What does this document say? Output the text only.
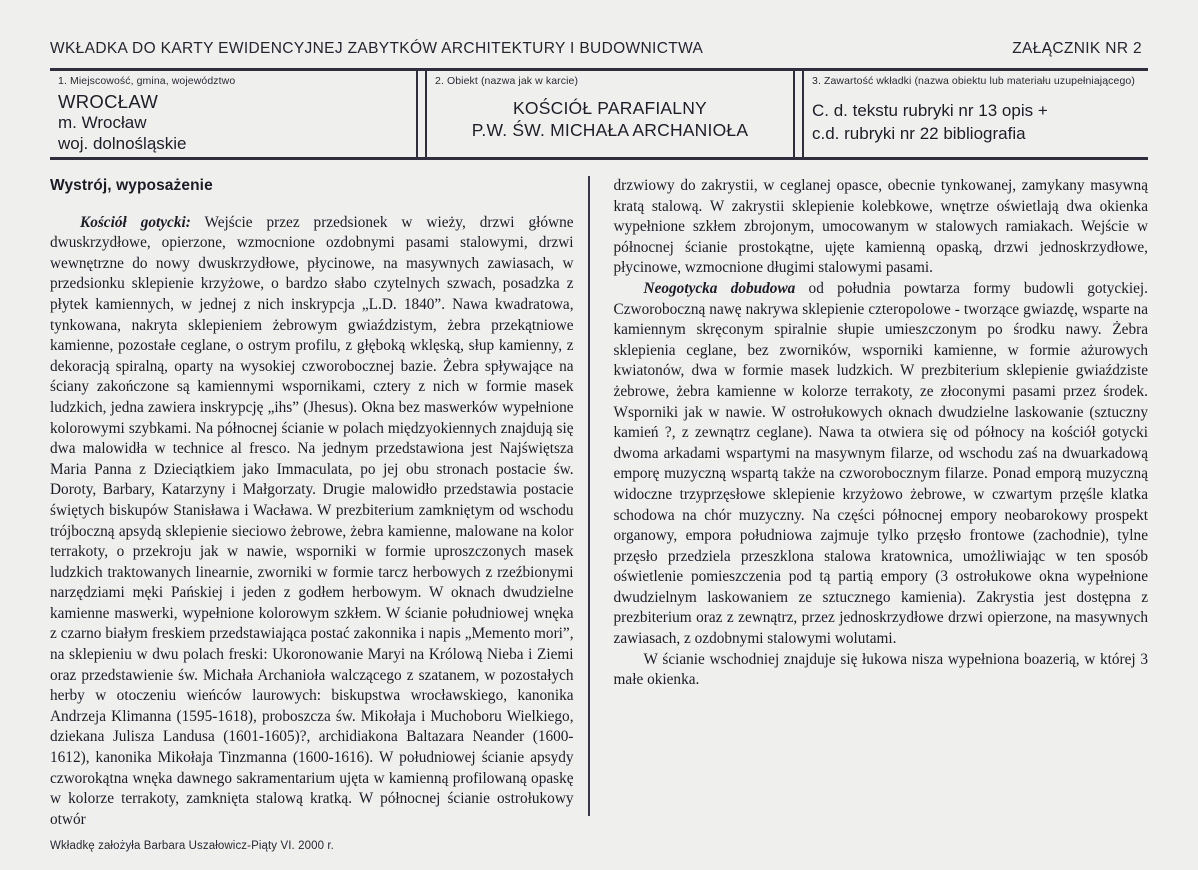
WKŁADKA DO KARTY EWIDENCYJNEJ ZABYTKÓW ARCHITEKTURY I BUDOWNICTWA	ZAŁĄCZNIK NR 2
1. Miejscowość, gmina, województwo
WROCŁAW
m. Wrocław
woj. dolnośląskie
2. Obiekt (nazwa jak w karcie)
KOŚCIÓŁ PARAFIALNY
P.W. ŚW. MICHAŁA ARCHANIOŁA
3. Zawartość wkładki (nazwa obiektu lub materiału uzupełniającego)
C. d. tekstu rubryki nr 13 opis +
c.d. rubryki nr 22 bibliografia
Wystrój, wyposażenie

Kościół gotycki: Wejście przez przedsionek w wieży, drzwi główne dwuskrzydłowe, opierzone, wzmocnione ozdobnymi pasami stalowymi, drzwi wewnętrzne do nowy dwuskrzydłowe, płycinowe, na masywnych zawiasach, w przedsionku sklepienie krzyżowe, o bardzo słabo czytelnych szwach, posadzka z płytek kamiennych, w jednej z nich inskrypcja „L.D. 1840”. Nawa kwadratowa, tynkowana, nakryta sklepieniem żebrowym gwiaździstym, żebra przekątniowe kamienne, pozostałe ceglane, o ostrym profilu, z głęboką wklęską, słup kamienny, z dekoracją spiralną, oparty na wysokiej czworobocznej bazie. Żebra spływające na ściany zakończone są kamiennymi wspornikami, cztery z nich w formie masek ludzkich, jedna zawiera inskrypcję „ihs” (Jhesus). Okna bez maswerków wypełnione kolorowymi szybkami. Na północnej ścianie w polach międzyokiennych znajdują się dwa malowidła w technice al fresco. Na jednym przedstawiona jest Najświętsza Maria Panna z Dzieciątkiem jako Immaculata, po jej obu stronach postacie św. Doroty, Barbary, Katarzyny i Małgorzaty. Drugie malowidło przedstawia postacie świętych biskupów Stanisława i Wacława. W prezbiterium zamkniętym od wschodu trójboczną apsydą sklepienie sieciowo żebrowe, żebra kamienne, malowane na kolor terrakoty, o przekroju jak w nawie, wsporniki w formie uproszczonych masek ludzkich traktowanych linearnie, zworniki w formie tarcz herbowych z rzeźbionymi narzędziami męki Pańskiej i jeden z godłem herbowym. W oknach dwudzielne kamienne maswerki, wypełnione kolorowym szkłem. W ścianie południowej wnęka z czarno białym freskiem przedstawiająca postać zakonnika i napis „Memento mori”, na sklepieniu w dwu polach freski: Ukoronowanie Maryi na Królową Nieba i Ziemi oraz przedstawienie św. Michała Archanioła walczącego z szatanem, w pozostałych herby w otoczeniu wieńców laurowych: biskupstwa wrocławskiego, kanonika Andrzeja Klimanna (1595-1618), proboszcza św. Mikołaja i Muchoboru Wielkiego, dziekana Julisza Landusa (1601-1605)?, archidiakona Baltazara Neander (1600-1612), kanonika Mikołaja Tinzmanna (1600-1616). W południowej ścianie apsydy czworokątna wnęka dawnego sakramentarium ujęta w kamienną profilowaną opaskę w kolorze terrakoty, zamknięta stalową kratką. W północnej ścianie ostrołukowy otwór

drzwiowy do zakrystii, w ceglanej opasce, obecnie tynkowanej, zamykany masywną kratą stalową. W zakrystii sklepienie kolebkowe, wnętrze oświetlają dwa okienka wypełnione szkłem zbrojonym, umocowanym w stalowych ramiakach. Wejście w północnej ścianie prostokątne, ujęte kamienną opaską, drzwi jednoskrzydłowe, płycinowe, wzmocnione długimi stalowymi pasami.

Neogotycka dobudowa od południa powtarza formy budowli gotyckiej. Czworoboczną nawę nakrywa sklepienie czteropolowe - tworzące gwiazdę, wsparte na kamiennym skręconym spiralnie słupie umieszczonym po środku nawy. Żebra sklepienia ceglane, bez zworników, wsporniki kamienne, w formie ażurowych kwiatonów, dwa w formie masek ludzkich. W prezbiterium sklepienie gwiaździste żebrowe, żebra kamienne w kolorze terrakoty, ze złoconymi pasami przez środek. Wsporniki jak w nawie. W ostrołukowych oknach dwudzielne laskowanie (sztuczny kamień ?, z zewnątrz ceglane). Nawa ta otwiera się od północy na kościół gotycki dwoma arkadami wspartymi na masywnym filarze, od wschodu zaś na dwuarkadową emporę muzyczną wspartą także na czworobocznym filarze. Ponad emporą muzyczną widoczne trzyprzęsłowe sklepienie krzyżowo żebrowe, w czwartym przęśle klatka schodowa na chór muzyczny. Na części północnej empory neobarokowy prospekt organowy, empora południowa zajmuje tylko przęsło frontowe (zachodnie), tylne przęsło przedziela przeszklona stalowa kratownica, umożliwiając w ten sposób oświetlenie pomieszczenia pod tą partią empory (3 ostrołukowe okna wypełnione dwudzielnym laskowaniem ze sztucznego kamienia). Zakrystia jest dostępna z prezbiterium oraz z zewnątrz, przez jednoskrzydłowe drzwi opierzone, na masywnych zawiasach, z ozdobnymi stalowymi wolutami.

W ścianie wschodniej znajduje się łukowa nisza wypełniona boazerią, w której 3 małe okienka.

Wkładkę założyła Barbara Uszałowicz-Piąty VI. 2000 r.
